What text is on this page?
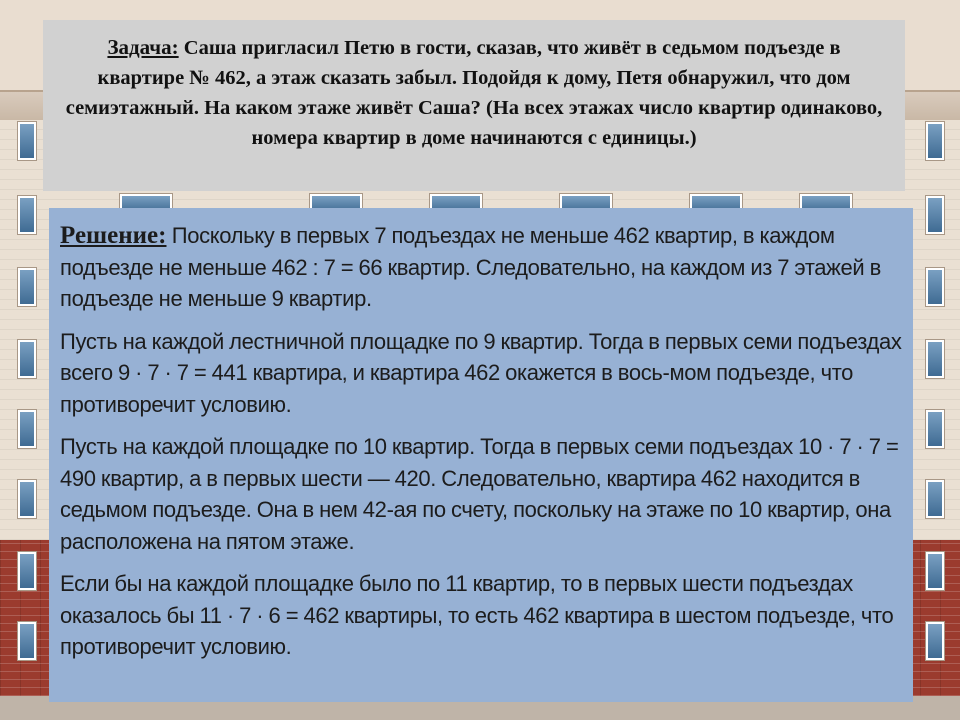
Задача: Саша пригласил Петю в гости, сказав, что живёт в седьмом подъезде в квартире № 462, а этаж сказать забыл. Подойдя к дому, Петя обнаружил, что дом семиэтажный. На каком этаже живёт Саша? (На всех этажах число квартир одинаково, номера квартир в доме начинаются с единицы.)

Решение: Поскольку в первых 7 подъездах не меньше 462 квартир, в каждом подъезде не меньше 462 : 7 = 66 квартир. Следовательно, на каждом из 7 этажей в подъезде не меньше 9 квартир.

Пусть на каждой лестничной площадке по 9 квартир. Тогда в первых семи подъездах всего 9 · 7 · 7 = 441 квартира, и квартира 462 окажется в вось-мом подъезде, что противоречит условию.

Пусть на каждой площадке по 10 квартир. Тогда в первых семи подъездах 10 · 7 · 7 = 490 квартир, а в первых шести — 420. Следовательно, квартира 462 находится в седьмом подъезде. Она в нем 42-ая по счету, поскольку на этаже по 10 квартир, она расположена на пятом этаже.

Если бы на каждой площадке было по 11 квартир, то в первых шести подъездах оказалось бы 11 · 7 · 6 = 462 квартиры, то есть 462 квартира в шестом подъезде, что противоречит условию.
